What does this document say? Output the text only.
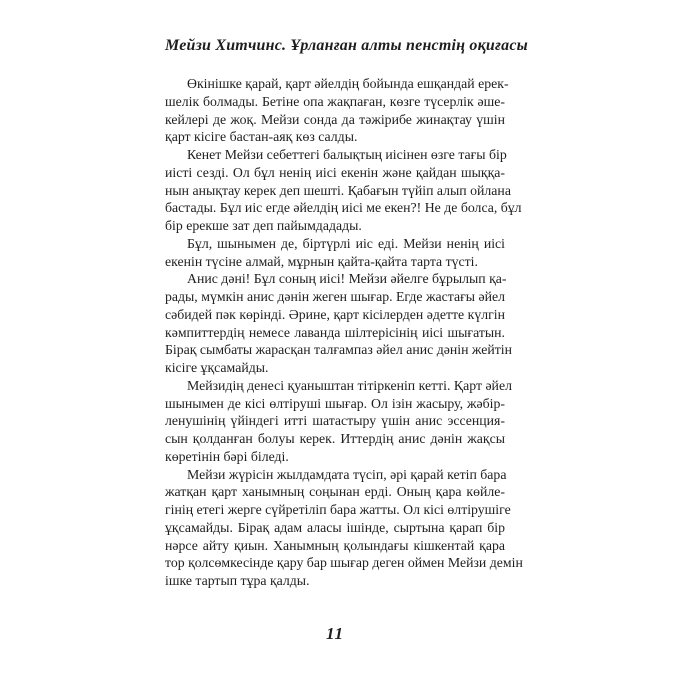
Мейзи Хитчинс. Ұрланған алты пенстің оқиғасы
Өкінішке қарай, қарт әйелдің бойында ешқандай ерек-
шелік болмады. Бетіне опа жақпаған, көзге түсерлік әше-
кейлері де жоқ. Мейзи сонда да тәжірибе жинақтау үшін
қарт кісіге бастан-аяқ көз салды.
Кенет Мейзи себеттегі балықтың иісінен өзге тағы бір
иісті сезді. Ол бұл ненің иісі екенін және қайдан шыққа-
нын анықтау керек деп шешті. Қабағын түйіп алып ойлана
бастады. Бұл иіс егде әйелдің иісі ме екен?! Не де болса, бұл
бір ерекше зат деп пайымдадады.
Бұл, шынымен де, біртүрлі иіс еді. Мейзи ненің иісі
екенін түсіне алмай, мұрнын қайта-қайта тарта түсті.
Анис дәні! Бұл соның иісі! Мейзи әйелге бұрылып қа-
рады, мүмкін анис дәнін жеген шығар. Егде жастағы әйел
сәбидей пәк көрінді. Әрине, қарт кісілерден әдетте күлгін
кәмпиттердің немесе лаванда шілтерісінің иісі шығатын.
Бірақ сымбаты жарасқан талғампаз әйел анис дәнін жейтін
кісіге ұқсамайды.
Мейзидің денесі қуаныштан тітіркеніп кетті. Қарт әйел
шынымен де кісі өлтіруші шығар. Ол ізін жасыру, жәбір-
ленушінің үйіндегі итті шатастыру үшін анис эссенция-
сын қолданған болуы керек. Иттердің анис дәнін жақсы
көретінін бәрі біледі.
Мейзи жүрісін жылдамдата түсіп, әрі қарай кетіп бара
жатқан қарт ханымның соңынан ерді. Оның қара көйле-
гінің етегі жерге сүйретіліп бара жатты. Ол кісі өлтірушіге
ұқсамайды. Бірақ адам аласы ішінде, сыртына қарап бір
нәрсе айту қиын. Ханымның қолындағы кішкентай қара
тор қолсөмкесінде қару бар шығар деген оймен Мейзи демін
ішке тартып тұра қалды.
11
